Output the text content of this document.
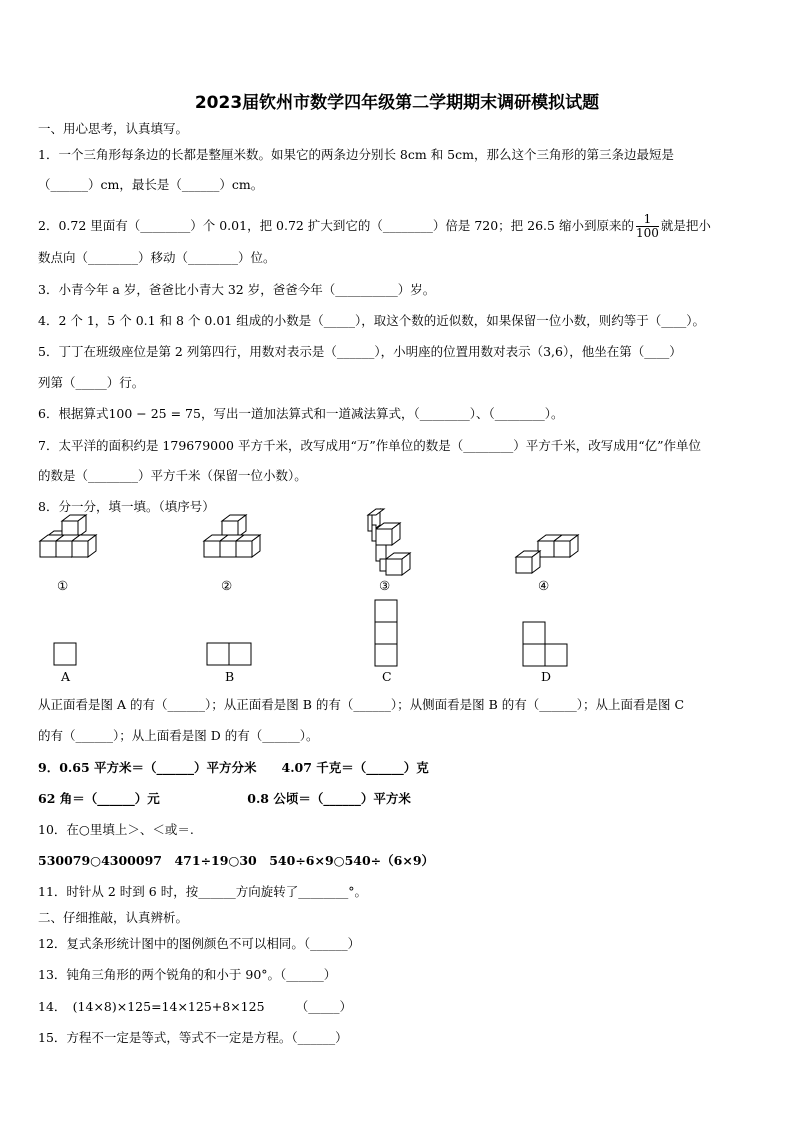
2023届钦州市数学四年级第二学期期末调研模拟试题
一、用心思考，认真填写。
1．一个三角形每条边的长都是整厘米数。如果它的两条边分别长 8cm 和 5cm，那么这个三角形的第三条边最短是
（______）cm，最长是（______）cm。
2．0.72 里面有（________）个 0.01，把 0.72 扩大到它的（________）倍是 720；把 26.5 缩小到原来的 $\frac{1}{100}$ 就是把小
数点向（________）移动（________）位。
3．小青今年 a 岁，爸爸比小青大 32 岁，爸爸今年（__________）岁。
4．2 个 1，5 个 0.1 和 8 个 0.01 组成的小数是（_____），取这个数的近似数，如果保留一位小数，则约等于（____）。
5．丁丁在班级座位是第 2 列第四行，用数对表示是（______），小明座的位置用数对表示（3,6），他坐在第（____）
列第（_____）行。
6．根据算式100 − 25 = 75，写出一道加法算式和一道减法算式，（________）、（________）。
7．太平洋的面积约是 179679000 平方千米，改写成用“万”作单位的数是（________）平方千米，改写成用“亿”作单位
的数是（________）平方千米（保留一位小数）。
8．分一分，填一填。（填序号）
①	②	③	④
A	B	C	D
从正面看是图 A 的有（______）；从正面看是图 B 的有（______）；从侧面看是图 B 的有（______）；从上面看是图 C
的有（______）；从上面看是图 D 的有（______）。
9．0.65 平方米＝（______）平方分米　　4.07 千克＝（______）克
62 角＝（______）元　　　　　　　0.8 公顷＝（______）平方米
10．在○里填上＞、＜或＝.
530079○4300097　471÷19○30　540÷6×9○540÷（6×9）
11．时针从 2 时到 6 时，按______方向旋转了________°。
二、仔细推敲，认真辨析。
12．复式条形统计图中的图例颜色不可以相同。（______）
13．钝角三角形的两个锐角的和小于 90°。（______）
14．　(14×8)×125=14×125+8×125　　　（_____）
15．方程不一定是等式，等式不一定是方程。（______）
